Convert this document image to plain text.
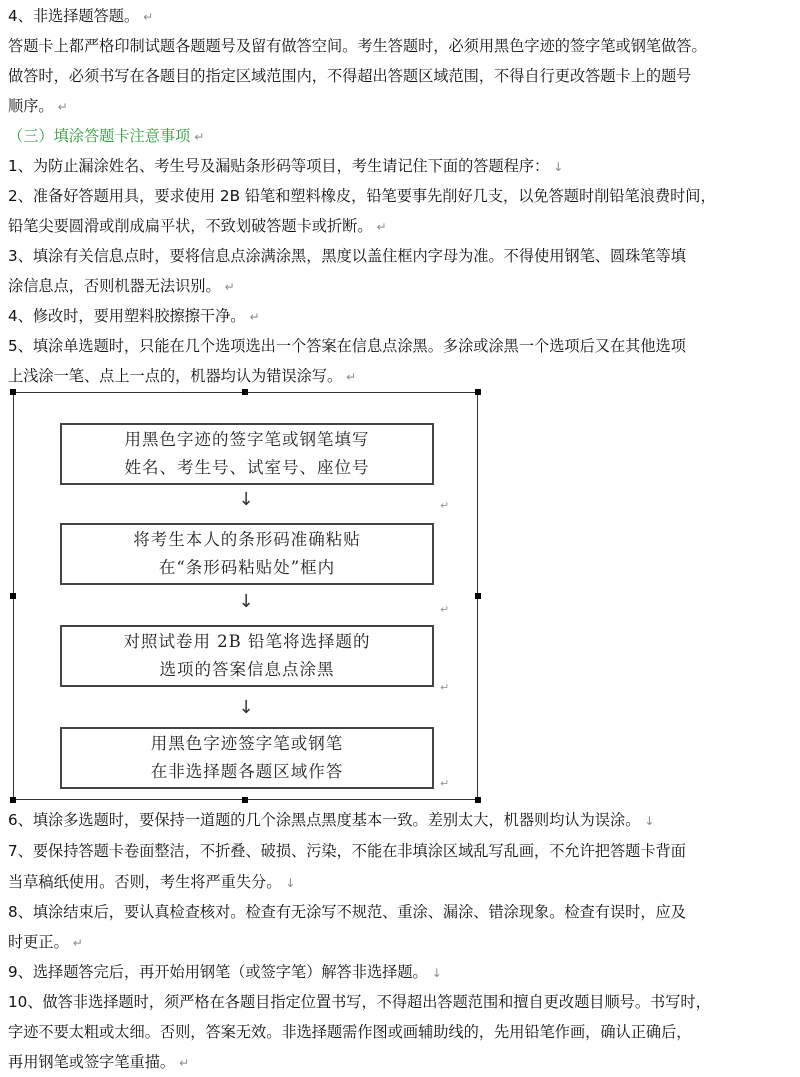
4、非选择题答题。 ↵
答题卡上都严格印制试题各题题号及留有做答空间。考生答题时，必须用黑色字迹的签字笔或钢笔做答。
做答时，必须书写在各题目的指定区域范围内，不得超出答题区域范围，不得自行更改答题卡上的题号
顺序。 ↵
（三）填涂答题卡注意事项 ↵
1、为防止漏涂姓名、考生号及漏贴条形码等项目，考生请记住下面的答题程序： ↓
2、准备好答题用具，要求使用 2B 铅笔和塑料橡皮，铅笔要事先削好几支，以免答题时削铅笔浪费时间，
铅笔尖要圆滑或削成扁平状，不致划破答题卡或折断。 ↵
3、填涂有关信息点时，要将信息点涂满涂黑，黑度以盖住框内字母为准。不得使用钢笔、圆珠笔等填
涂信息点，否则机器无法识别。 ↵
4、修改时，要用塑料胶擦擦干净。 ↵
5、填涂单选题时，只能在几个选项选出一个答案在信息点涂黑。多涂或涂黑一个选项后又在其他选项
上浅涂一笔、点上一点的，机器均认为错误涂写。 ↵
用黑色字迹的签字笔或钢笔填写
姓名、考生号、试室号、座位号
↓	↵
将考生本人的条形码准确粘贴
在“条形码粘贴处”框内
↓	↵
对照试卷用 2B 铅笔将选择题的
选项的答案信息点涂黑
↵
↓
用黑色字迹签字笔或钢笔
在非选择题各题区域作答
↵
6、填涂多选题时，要保持一道题的几个涂黑点黑度基本一致。差别太大，机器则均认为误涂。 ↓
7、要保持答题卡卷面整洁，不折叠、破损、污染，不能在非填涂区域乱写乱画，不允许把答题卡背面
当草稿纸使用。否则，考生将严重失分。 ↓
8、填涂结束后，要认真检查核对。检查有无涂写不规范、重涂、漏涂、错涂现象。检查有误时，应及
时更正。 ↵
9、选择题答完后，再开始用钢笔（或签字笔）解答非选择题。 ↓
10、做答非选择题时，须严格在各题目指定位置书写，不得超出答题范围和擅自更改题目顺号。书写时，
字迹不要太粗或太细。否则，答案无效。非选择题需作图或画辅助线的，先用铅笔作画，确认正确后，
再用钢笔或签字笔重描。 ↵
